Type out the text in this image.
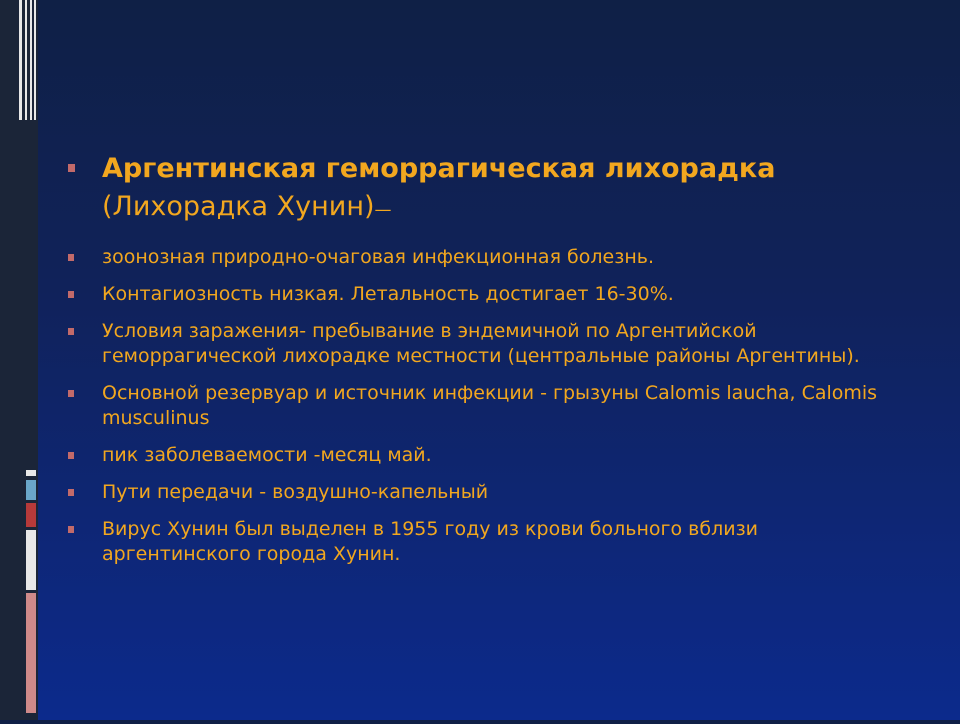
Аргентинская геморрагическая лихорадка (Лихорадка Хунин)—
зоонозная природно-очаговая инфекционная болезнь.
Контагиозность низкая. Летальность достигает 16-30%.
Условия заражения- пребывание в эндемичной по Аргентийской геморрагической лихорадке местности (центральные районы Аргентины).
Основной резервуар и источник инфекции - грызуны Calomis laucha, Calomis musculinus
пик заболеваемости -месяц май.
Пути передачи - воздушно-капельный
Вирус Хунин был выделен в 1955 году из крови больного вблизи аргентинского города Хунин.
